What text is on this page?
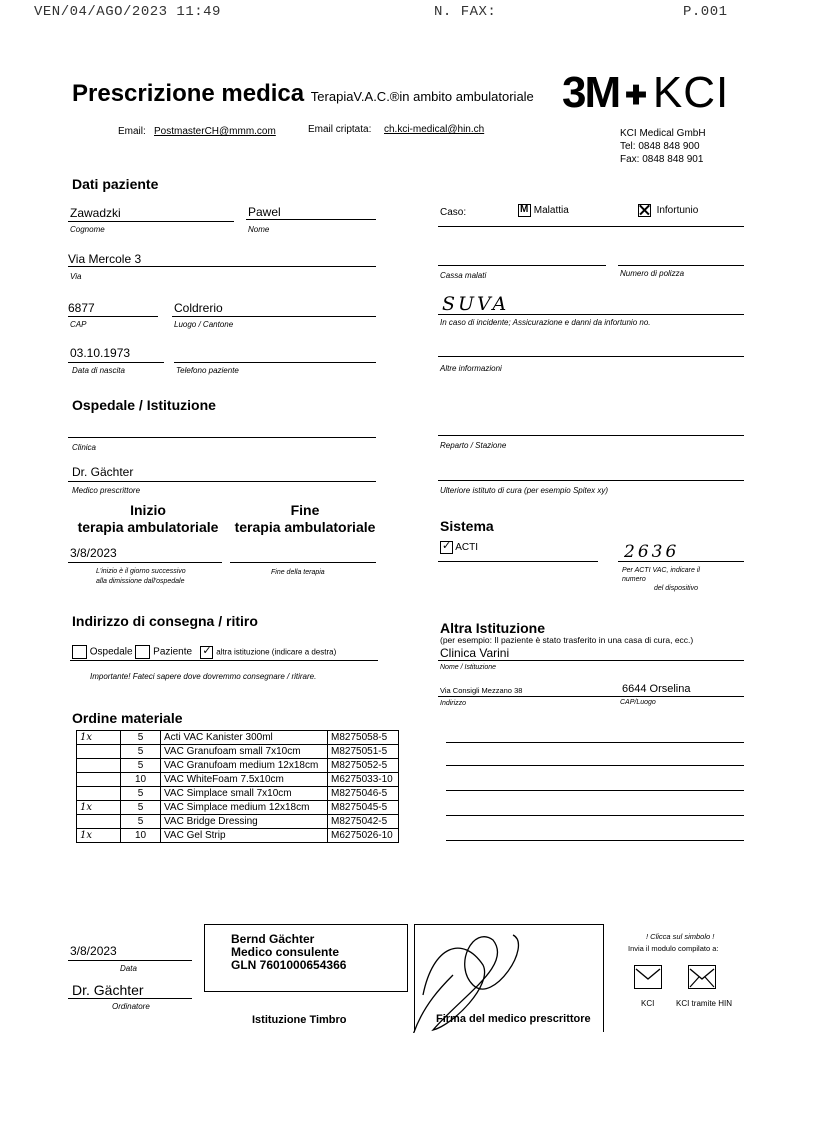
VEN/04/AGO/2023 11:49	N. FAX:	P.001
Prescrizione medica TerapiaV.A.C.®in ambito ambulatoriale 3M ✚ KCI
Email: PostmasterCH@mmm.com	Email criptata: ch.kci-medical@hin.ch	KCI Medical GmbH
Tel: 0848 848 900
Fax: 0848 848 901
Dati paziente
Zawadzki	Pawel
Cognome	Nome
Via Mercole 3
Via
6877	Coldrerio
CAP	Luogo / Cantone
03.10.1973
Data di nascita	Telefono paziente
Caso: M	Malattia	Infortunio
Cassa malati	Numero di polizza
SUVA
In caso di incidente; Assicurazione e danni da infortunio no.
Altre informazioni
Ospedale / Istituzione
Clinica
Dr. Gächter
Medico prescrittore
Reparto / Stazione
Ulteriore istituto di cura (per esempio Spitex xy)
Inizio
terapia ambulatoriale
Fine
terapia ambulatoriale
3/8/2023
L'inizio è il giorno successivo
alla dimissione dall'ospedale
Fine della terapia
Sistema
✓ ACTI	2636
Per ACTI VAC, indicare il
numero
del dispositivo
Indirizzo di consegna / ritiro
Ospedale Paziente ✓	altra istituzione (indicare a destra)
Importante! Fateci sapere dove dovremmo consegnare / ritirare.
Altra Istituzione
(per esempio: Il paziente è stato trasferito in una casa di cura, ecc.)
Clinica Varini
Nome / Istituzione
Via Consigli Mezzano 38	6644 Orselina
Indirizzo	CAP/Luogo
Ordine materiale
1x	5	Acti VAC Kanister 300ml	M8275058-5
	5	VAC Granufoam small 7x10cm	M8275051-5
	5	VAC Granufoam medium 12x18cm	M8275052-5
	10	VAC WhiteFoam 7.5x10cm	M6275033-10
	5	VAC Simplace small 7x10cm	M8275046-5
1x	5	VAC Simplace medium 12x18cm	M8275045-5
	5	VAC Bridge Dressing	M8275042-5
1x	10	VAC Gel Strip	M6275026-10
3/8/2023
Data
Dr. Gächter
Ordinatore
Bernd Gächter
Medico consulente
GLN 7601000654366
Istituzione Timbro	Firma del medico prescrittore
! Clicca sul simbolo !
Invia il modulo compilato a:
KCI	KCI tramite HIN
